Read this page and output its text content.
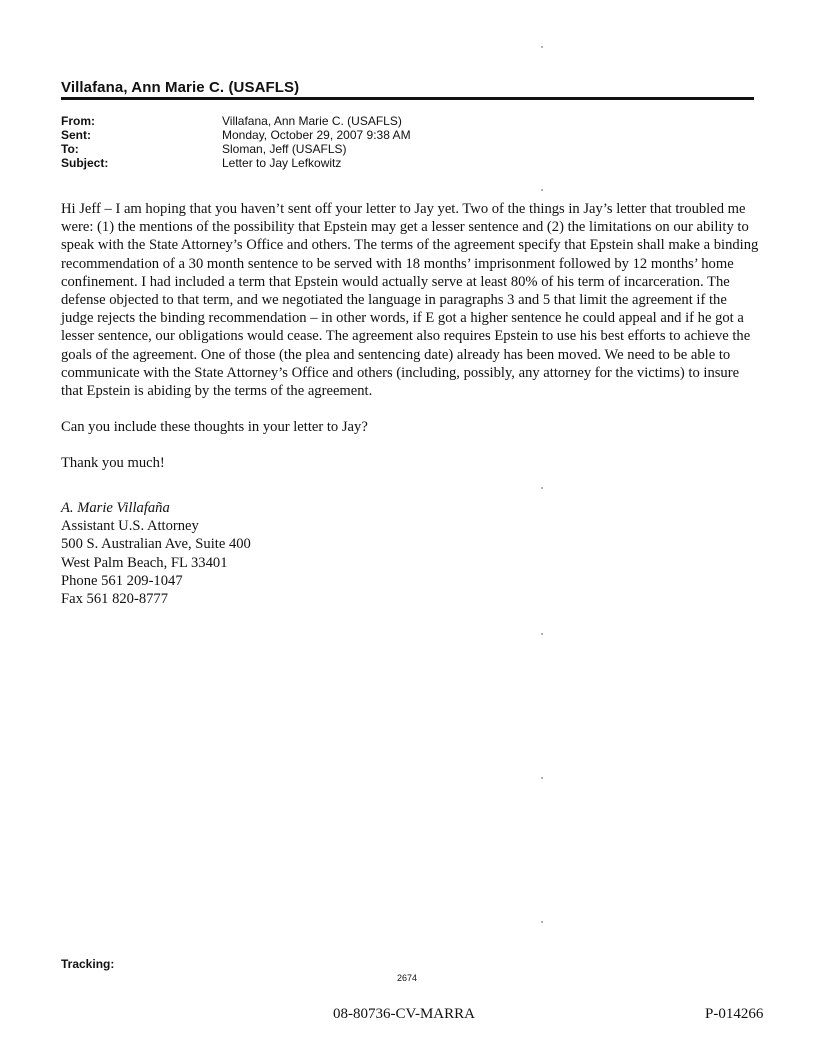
Villafana, Ann Marie C. (USAFLS)
From:	Villafana, Ann Marie C. (USAFLS)
Sent:	Monday, October 29, 2007 9:38 AM
To:	Sloman, Jeff (USAFLS)
Subject:	Letter to Jay Lefkowitz

Hi Jeff – I am hoping that you haven’t sent off your letter to Jay yet. Two of the things in Jay’s letter that troubled me were: (1) the mentions of the possibility that Epstein may get a lesser sentence and (2) the limitations on our ability to speak with the State Attorney’s Office and others. The terms of the agreement specify that Epstein shall make a binding recommendation of a 30 month sentence to be served with 18 months’ imprisonment followed by 12 months’ home confinement. I had included a term that Epstein would actually serve at least 80% of his term of incarceration. The defense objected to that term, and we negotiated the language in paragraphs 3 and 5 that limit the agreement if the judge rejects the binding recommendation – in other words, if E got a higher sentence he could appeal and if he got a lesser sentence, our obligations would cease. The agreement also requires Epstein to use his best efforts to achieve the goals of the agreement. One of those (the plea and sentencing date) already has been moved. We need to be able to communicate with the State Attorney’s Office and others (including, possibly, any attorney for the victims) to insure that Epstein is abiding by the terms of the agreement.

Can you include these thoughts in your letter to Jay?

Thank you much!

A. Marie Villafaña
Assistant U.S. Attorney
500 S. Australian Ave, Suite 400
West Palm Beach, FL 33401
Phone 561 209-1047
Fax 561 820-8777
Tracking:
2674
08-80736-CV-MARRA	P-014266
